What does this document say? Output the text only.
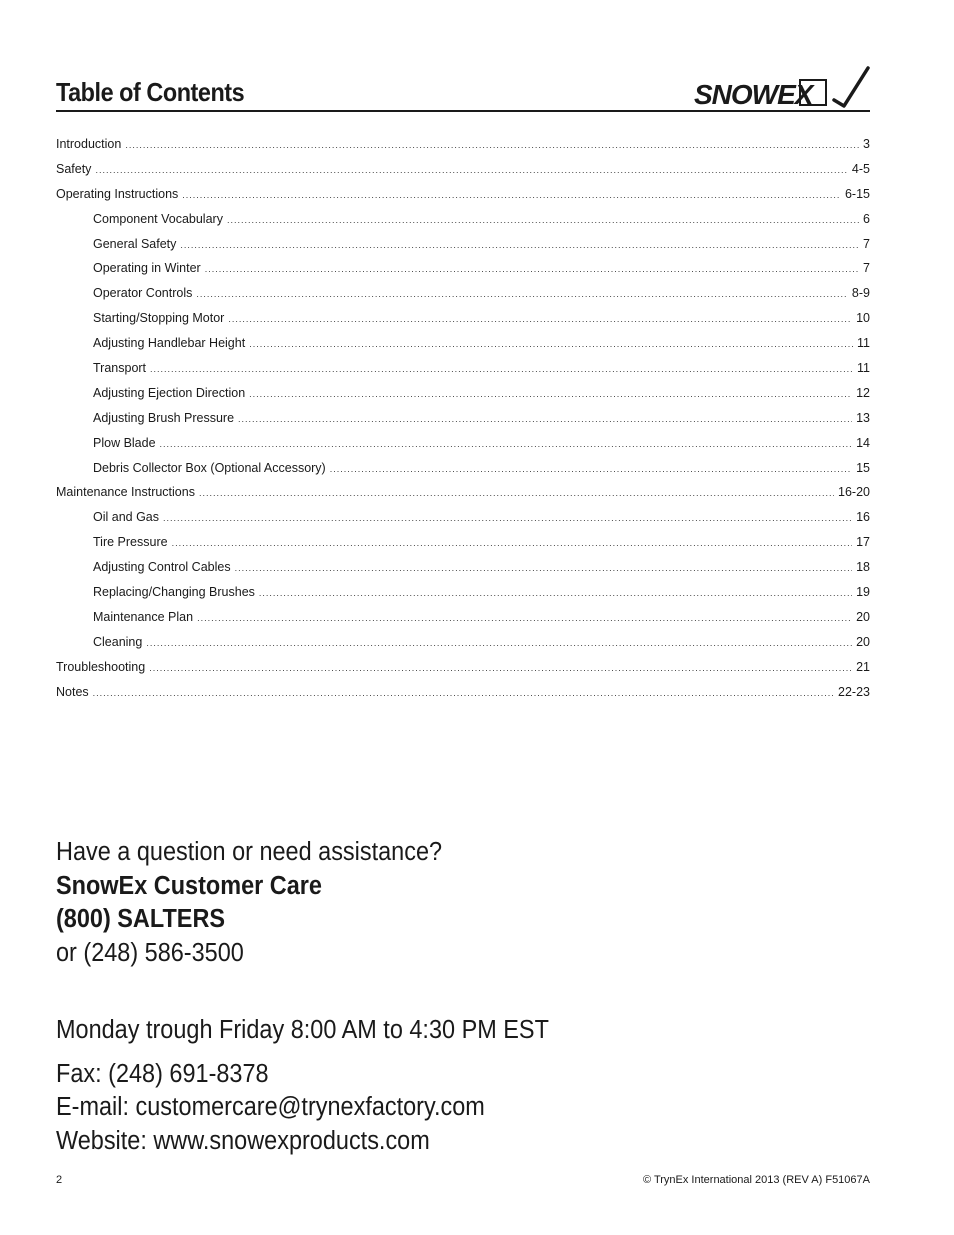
Table of Contents	SNOWEX
Introduction .....	3
Safety .....	4-5
Operating Instructions .....	6-15
Component Vocabulary .....	6
General Safety .....	7
Operating in Winter .....	7
Operator Controls .....	8-9
Starting/Stopping Motor .....	10
Adjusting Handlebar Height .....	11
Transport .....	11
Adjusting Ejection Direction .....	12
Adjusting Brush Pressure .....	13
Plow Blade .....	14
Debris Collector Box (Optional Accessory) .....	15
Maintenance Instructions .....	16-20
Oil and Gas .....	16
Tire Pressure .....	17
Adjusting Control Cables .....	18
Replacing/Changing Brushes .....	19
Maintenance Plan .....	20
Cleaning .....	20
Troubleshooting .....	21
Notes .....	22-23
Have a question or need assistance?
SnowEx Customer Care
(800) SALTERS
or (248) 586-3500
Monday trough Friday 8:00 AM to 4:30 PM EST
Fax: (248) 691-8378
E-mail: customercare@trynexfactory.com
Website: www.snowexproducts.com
2	© TrynEx International 2013 (REV A) F51067A
